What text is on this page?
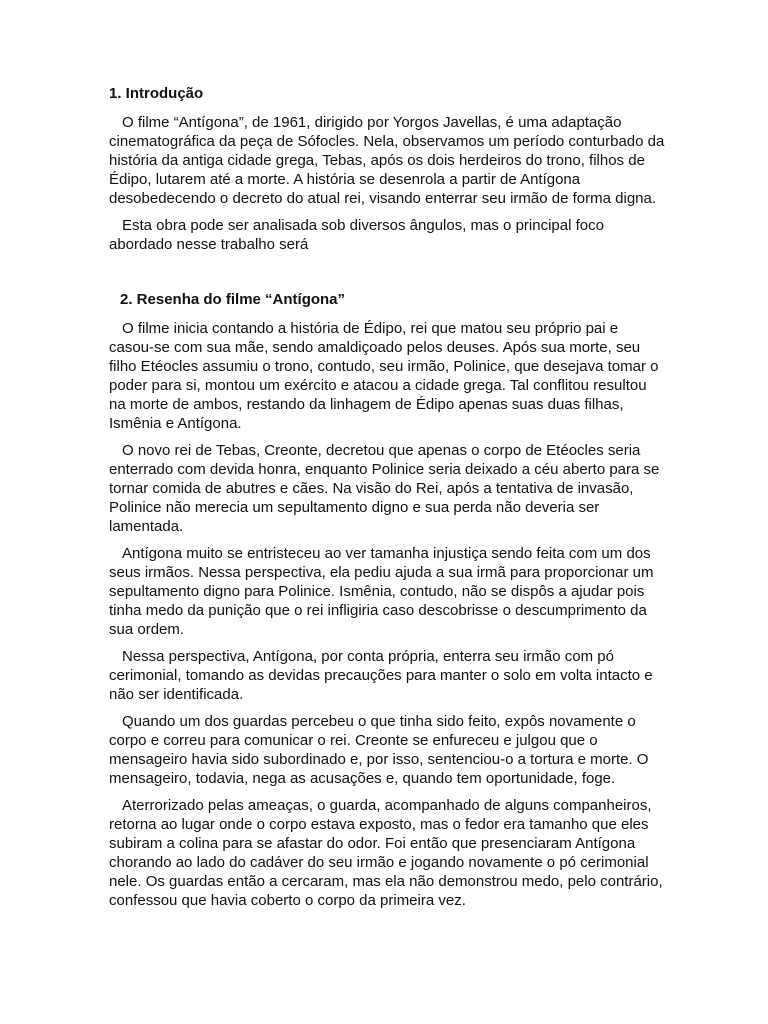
1. Introdução

O filme “Antígona”, de 1961, dirigido por Yorgos Javellas, é uma adaptação cinematográfica da peça de Sófocles. Nela, observamos um período conturbado da história da antiga cidade grega, Tebas, após os dois herdeiros do trono, filhos de Édipo, lutarem até a morte. A história se desenrola a partir de Antígona desobedecendo o decreto do atual rei, visando enterrar seu irmão de forma digna.

Esta obra pode ser analisada sob diversos ângulos, mas o principal foco abordado nesse trabalho será

2. Resenha do filme “Antígona”

O filme inicia contando a história de Édipo, rei que matou seu próprio pai e casou-se com sua mãe, sendo amaldiçoado pelos deuses. Após sua morte, seu filho Etéocles assumiu o trono, contudo, seu irmão, Polinice, que desejava tomar o poder para si, montou um exército e atacou a cidade grega. Tal conflitou resultou na morte de ambos, restando da linhagem de Édipo apenas suas duas filhas, Ismênia e Antígona.

O novo rei de Tebas, Creonte, decretou que apenas o corpo de Etéocles seria enterrado com devida honra, enquanto Polinice seria deixado a céu aberto para se tornar comida de abutres e cães. Na visão do Rei, após a tentativa de invasão, Polinice não merecia um sepultamento digno e sua perda não deveria ser lamentada.

Antígona muito se entristeceu ao ver tamanha injustiça sendo feita com um dos seus irmãos. Nessa perspectiva, ela pediu ajuda a sua irmã para proporcionar um sepultamento digno para Polinice. Ismênia, contudo, não se dispôs a ajudar pois tinha medo da punição que o rei infligiria caso descobrisse o descumprimento da sua ordem.

Nessa perspectiva, Antígona, por conta própria, enterra seu irmão com pó cerimonial, tomando as devidas precauções para manter o solo em volta intacto e não ser identificada.

Quando um dos guardas percebeu o que tinha sido feito, expôs novamente o corpo e correu para comunicar o rei. Creonte se enfureceu e julgou que o mensageiro havia sido subordinado e, por isso, sentenciou-o a tortura e morte. O mensageiro, todavia, nega as acusações e, quando tem oportunidade, foge.

Aterrorizado pelas ameaças, o guarda, acompanhado de alguns companheiros, retorna ao lugar onde o corpo estava exposto, mas o fedor era tamanho que eles subiram a colina para se afastar do odor. Foi então que presenciaram Antígona chorando ao lado do cadáver do seu irmão e jogando novamente o pó cerimonial nele. Os guardas então a cercaram, mas ela não demonstrou medo, pelo contrário, confessou que havia coberto o corpo da primeira vez.
